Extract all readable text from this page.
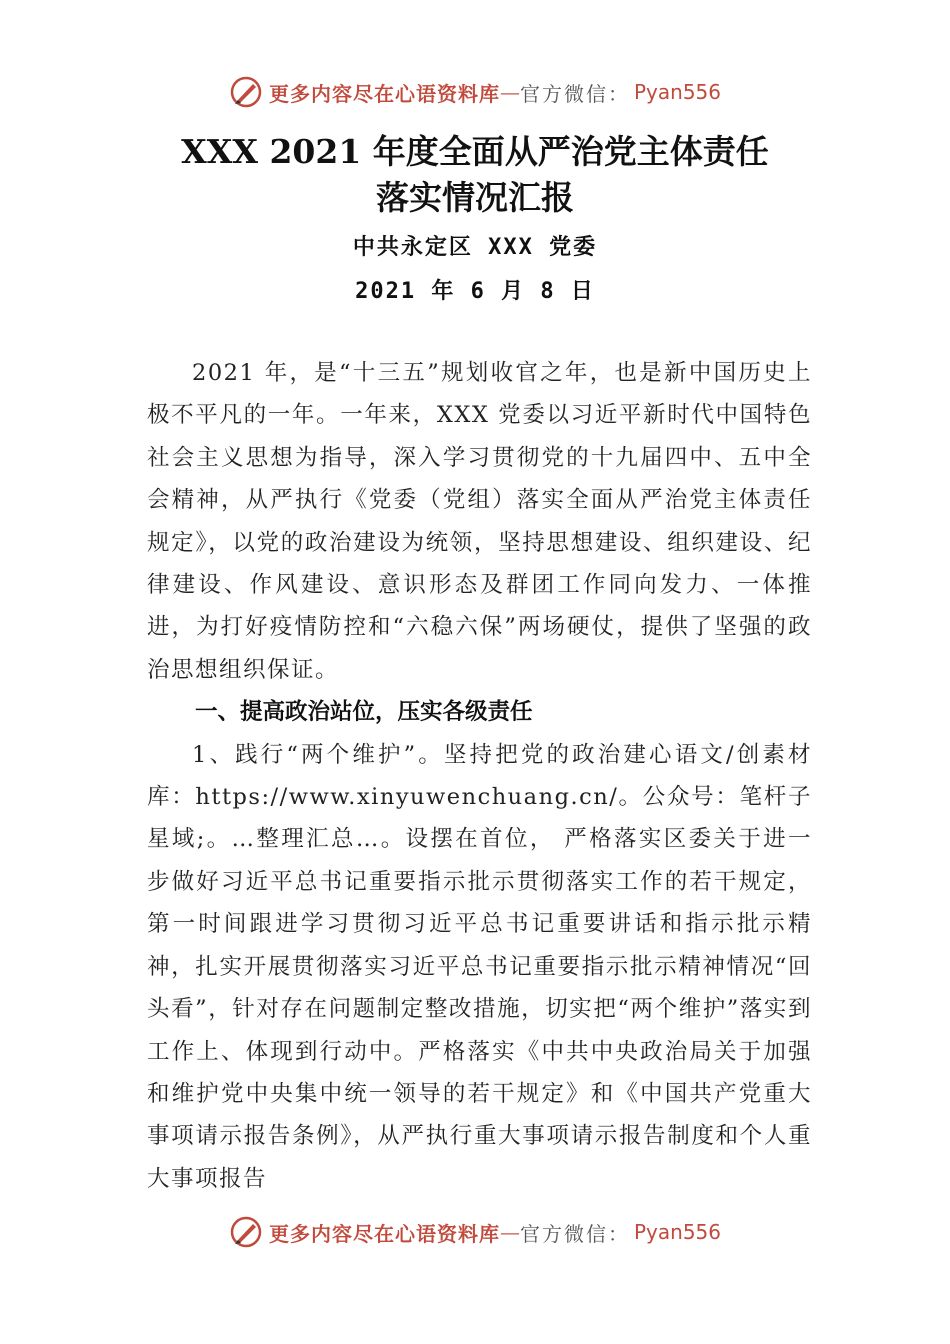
更多内容尽在心语资料库 — 官方微信： Pyan556
XXX 2021 年度全面从严治党主体责任
落实情况汇报
中共永定区 XXX 党委
2021 年 6 月 8 日

2021 年，是“十三五”规划收官之年，也是新中国历史上极不平凡的一年。一年来，XXX 党委以习近平新时代中国特色社会主义思想为指导，深入学习贯彻党的十九届四中、五中全会精神，从严执行《党委（党组）落实全面从严治党主体责任规定》，以党的政治建设为统领，坚持思想建设、组织建设、纪律建设、作风建设、意识形态及群团工作同向发力、一体推进，为打好疫情防控和“六稳六保”两场硬仗，提供了坚强的政治思想组织保证。

一、提高政治站位，压实各级责任

1、践行“两个维护”。坚持把党的政治建心语文/创素材库：https://www.xinyuwenchuang.cn/。公众号：笔杆子星域;。…整理汇总…。设摆在首位， 严格落实区委关于进一步做好习近平总书记重要指示批示贯彻落实工作的若干规定，第一时间跟进学习贯彻习近平总书记重要讲话和指示批示精神，扎实开展贯彻落实习近平总书记重要指示批示精神情况“回头看”，针对存在问题制定整改措施，切实把“两个维护”落实到工作上、体现到行动中。严格落实《中共中央政治局关于加强和维护党中央集中统一领导的若干规定》和《中国共产党重大事项请示报告条例》，从严执行重大事项请示报告制度和个人重大事项报告

更多内容尽在心语资料库 — 官方微信： Pyan556
